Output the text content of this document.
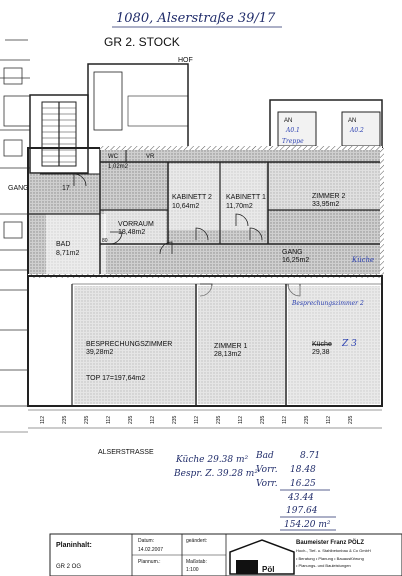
1080, Alserstraße 39/17
GR 2. STOCK
HOF
AN
A0.1
Treppe
AN
A0.2
GANG	17
WC
1,02m2
VR
KABINETT 2
10,64m2
KABINETT 1
11,70m2
ZIMMER 2
33,95m2
VORRAUM
18,48m2
BAD
8,71m2	GANG
16,25m2
BESPRECHUNGSZIMMER
39,28m2
ZIMMER 1
28,13m2
Küche
29,38
TOP 17=197,64m2
Küche
Besprechungszimmer 2
Z 3
80
112	235	235	112	235	112	235	112	235	112	235	112	235	112	235
ALSERSTRASSE
Küche 29.38 m²
Bespr. Z. 39.28 m²
Bad	8.71
Vorr. 18.48
Vorr. 16.25
43.44
197.64
154.20 m²
Planinhalt:
GR 2 OG
Datum:
14.02.2007
geändert:
Plannum.:	Maßstab:
1:100	Pöl
Baumeister Franz PÖLZ
Hoch-, Tief- u. Stahlbetonbau & Co GmbH
• Beratung • Planung • Bauausführung
• Planungs- und Bauleistungen
